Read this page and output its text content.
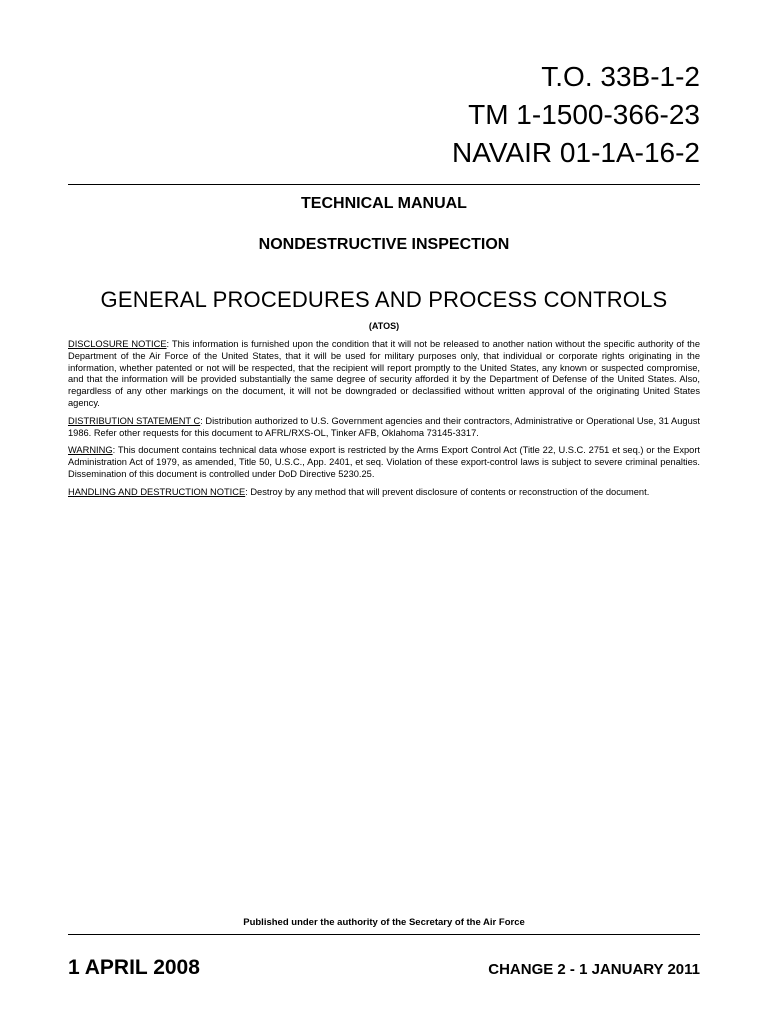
T.O. 33B-1-2
TM 1-1500-366-23
NAVAIR 01-1A-16-2
TECHNICAL MANUAL
NONDESTRUCTIVE INSPECTION
GENERAL PROCEDURES AND PROCESS CONTROLS
(ATOS)

DISCLOSURE NOTICE: This information is furnished upon the condition that it will not be released to another nation without the specific authority of the Department of the Air Force of the United States, that it will be used for military purposes only, that individual or corporate rights originating in the information, whether patented or not will be respected, that the recipient will report promptly to the United States, any known or suspected compromise, and that the information will be provided substantially the same degree of security afforded it by the Department of Defense of the United States. Also, regardless of any other markings on the document, it will not be downgraded or declassified without written approval of the originating United States agency.

DISTRIBUTION STATEMENT C: Distribution authorized to U.S. Government agencies and their contractors, Administrative or Operational Use, 31 August 1986. Refer other requests for this document to AFRL/RXS-OL, Tinker AFB, Oklahoma 73145-3317.

WARNING: This document contains technical data whose export is restricted by the Arms Export Control Act (Title 22, U.S.C. 2751 et seq.) or the Export Administration Act of 1979, as amended, Title 50, U.S.C., App. 2401, et seq. Violation of these export-control laws is subject to severe criminal penalties. Dissemination of this document is controlled under DoD Directive 5230.25.

HANDLING AND DESTRUCTION NOTICE: Destroy by any method that will prevent disclosure of contents or reconstruction of the document.

Published under the authority of the Secretary of the Air Force
1 APRIL 2008	CHANGE 2 - 1 JANUARY 2011
